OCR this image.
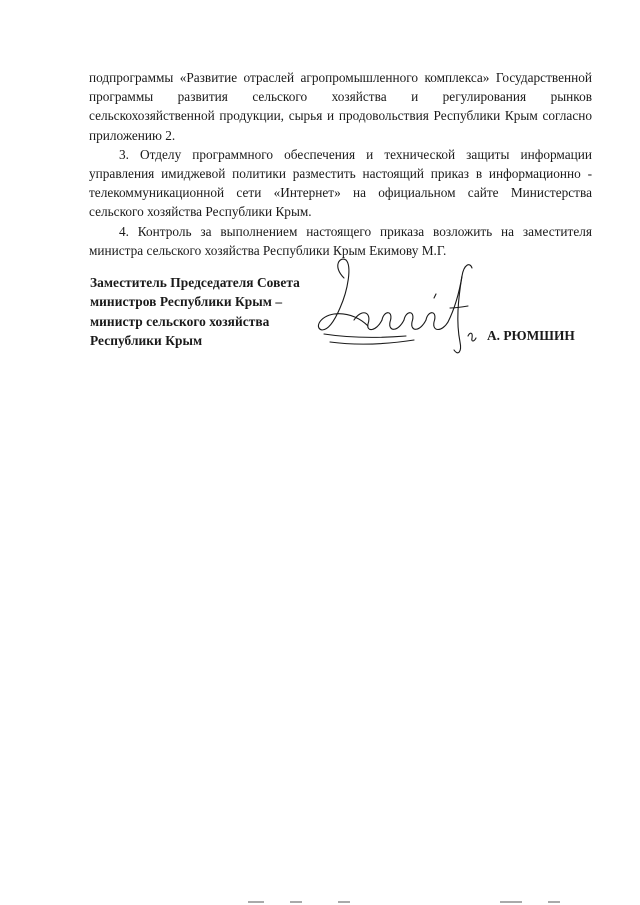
подпрограммы «Развитие отраслей агропромышленного комплекса» Государственной программы развития сельского хозяйства и регулирования рынков сельскохозяйственной продукции, сырья и продовольствия Республики Крым согласно приложению 2.

3. Отделу программного обеспечения и технической защиты информации управления имиджевой политики разместить настоящий приказ в информационно - телекоммуникационной сети «Интернет» на официальном сайте Министерства сельского хозяйства Республики Крым.

4. Контроль за выполнением настоящего приказа возложить на заместителя министра сельского хозяйства Республики Крым Екимову М.Г.

Заместитель Председателя Совета
министров Республики Крым –
министр сельского хозяйства
Республики Крым	А. РЮМШИН
